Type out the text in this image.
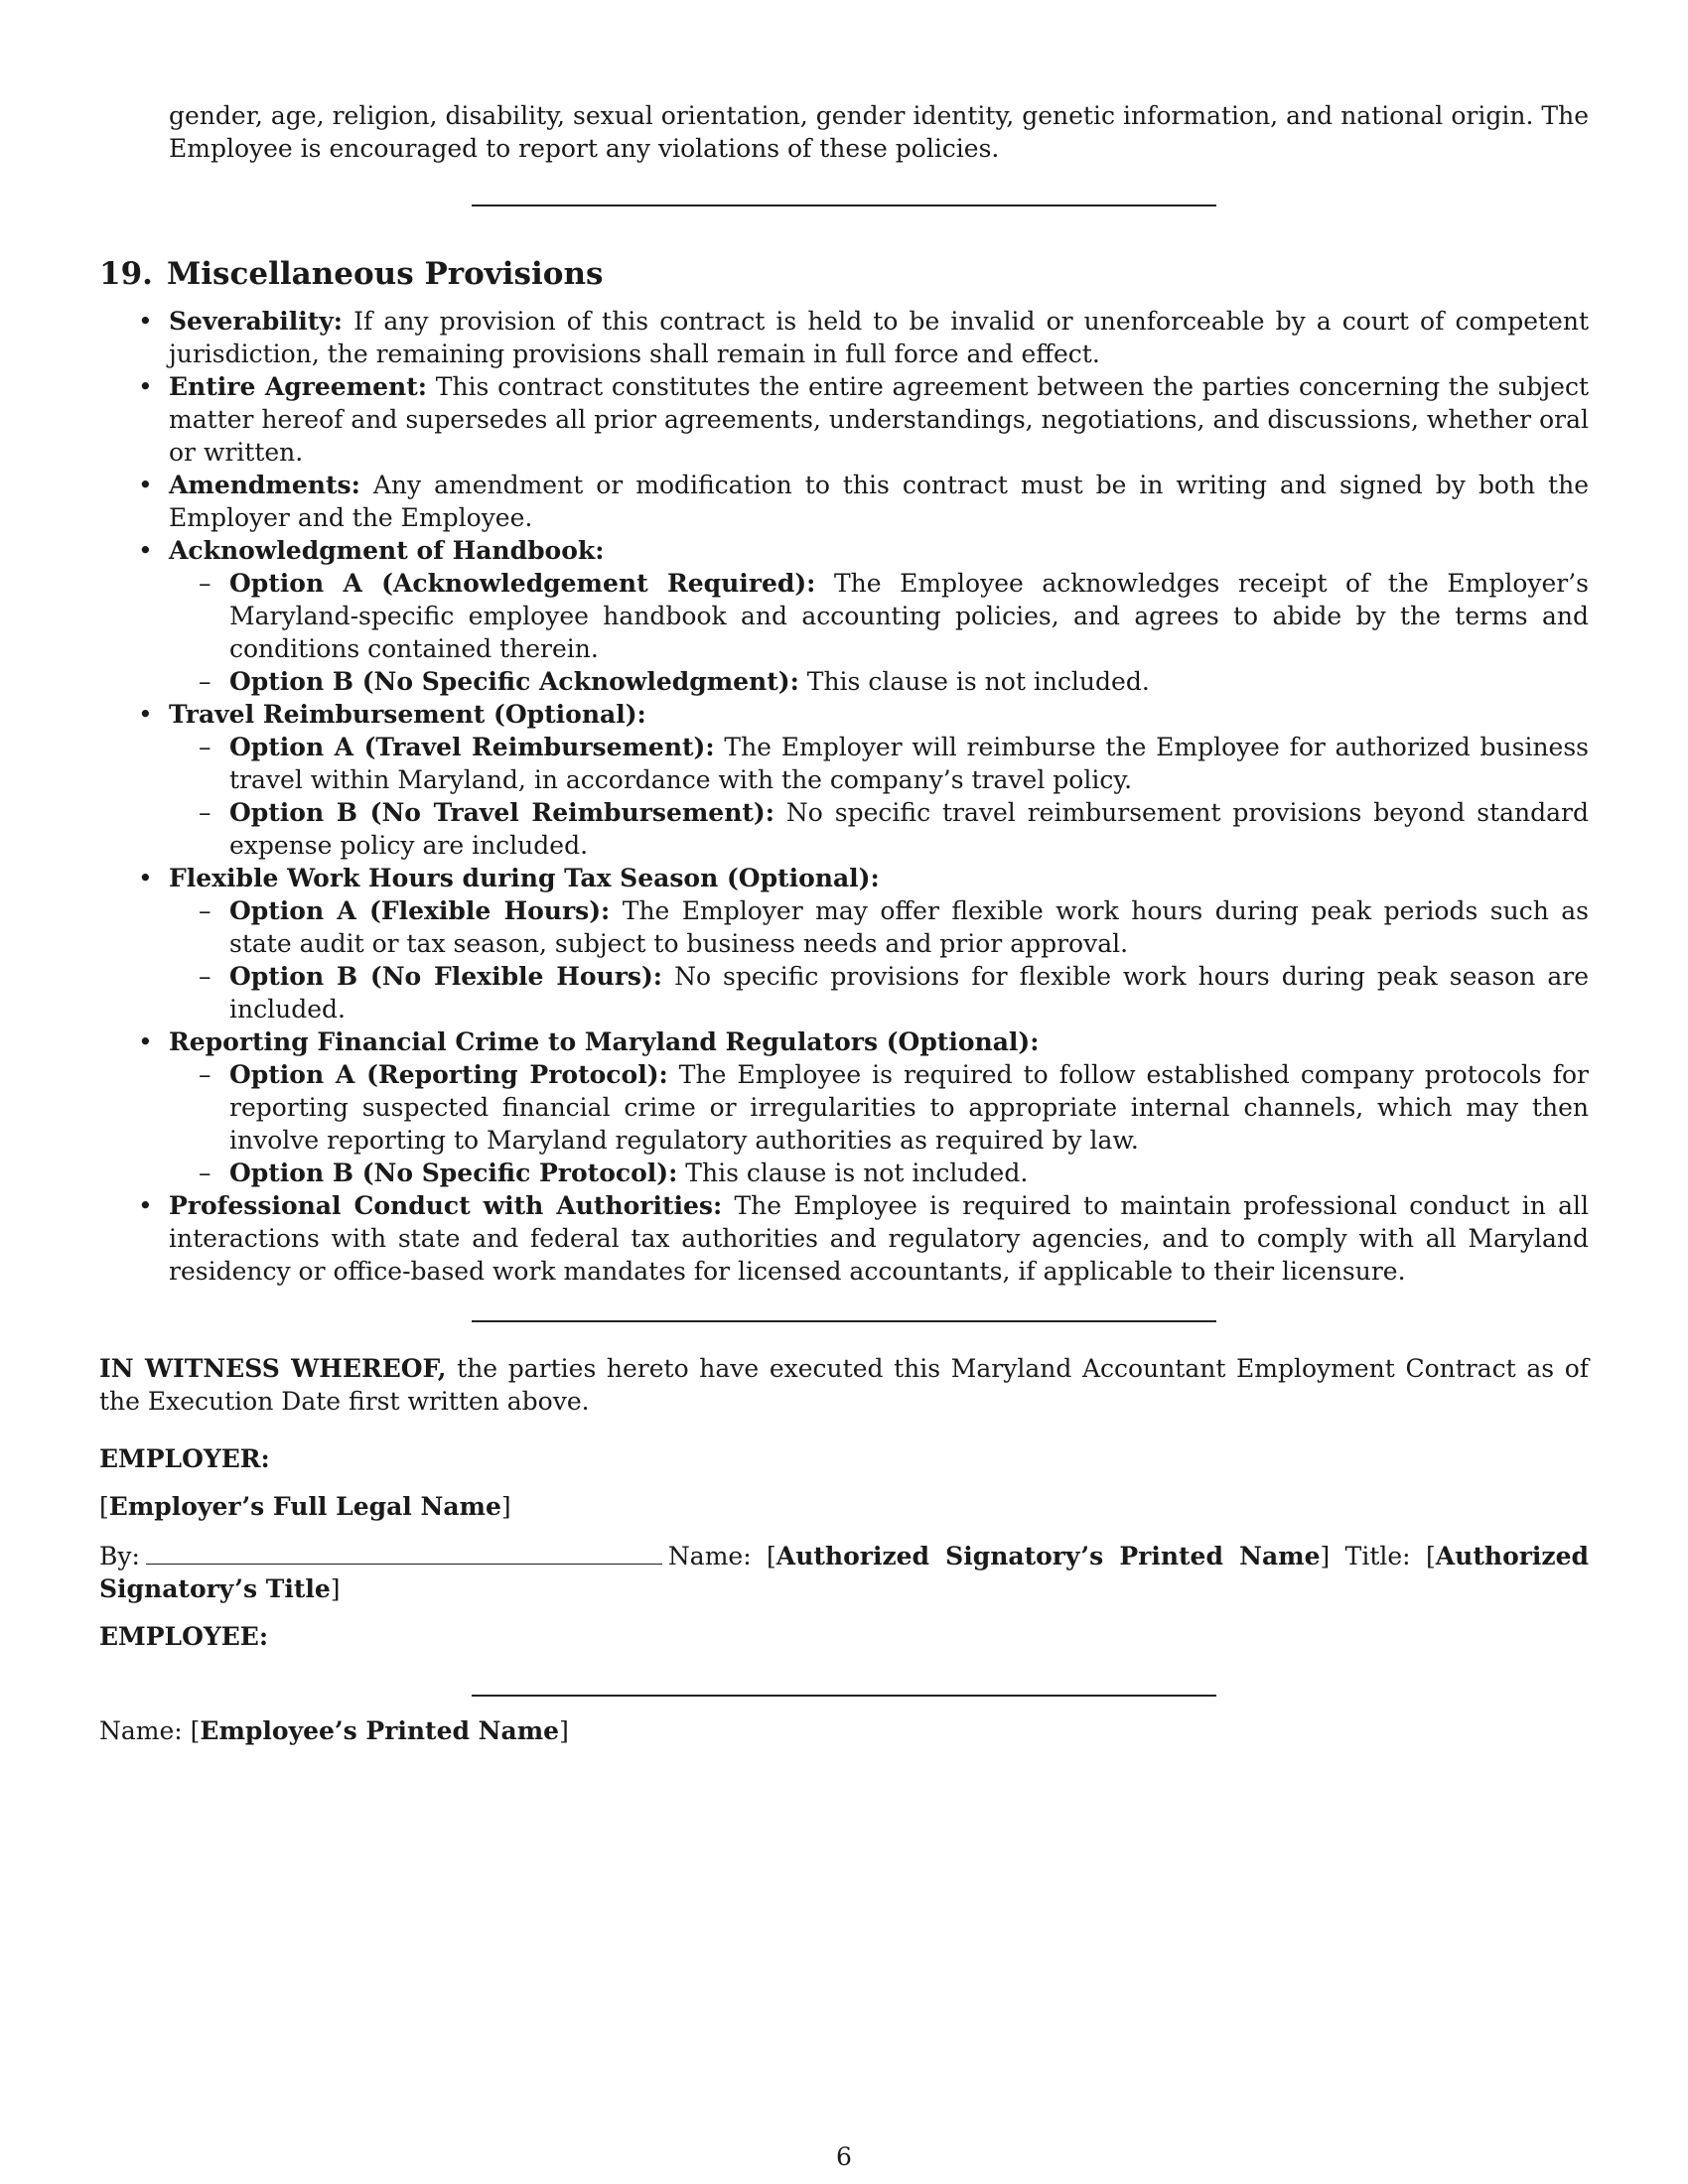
gender, age, religion, disability, sexual orientation, gender identity, genetic information, and national origin. The Employee is encouraged to report any violations of these policies.

19. Miscellaneous Provisions
• Severability: If any provision of this contract is held to be invalid or unenforceable by a court of competent jurisdiction, the remaining provisions shall remain in full force and effect.
• Entire Agreement: This contract constitutes the entire agreement between the parties concerning the subject matter hereof and supersedes all prior agreements, understandings, negotiations, and discussions, whether oral or written.
• Amendments: Any amendment or modification to this contract must be in writing and signed by both the Employer and the Employee.
• Acknowledgment of Handbook:
– Option A (Acknowledgement Required): The Employee acknowledges receipt of the Employer’s Maryland-specific employee handbook and accounting policies, and agrees to abide by the terms and conditions contained therein.
– Option B (No Specific Acknowledgment): This clause is not included.
• Travel Reimbursement (Optional):
– Option A (Travel Reimbursement): The Employer will reimburse the Employee for authorized business travel within Maryland, in accordance with the company’s travel policy.
– Option B (No Travel Reimbursement): No specific travel reimbursement provisions beyond standard expense policy are included.
• Flexible Work Hours during Tax Season (Optional):
– Option A (Flexible Hours): The Employer may offer flexible work hours during peak periods such as state audit or tax season, subject to business needs and prior approval.
– Option B (No Flexible Hours): No specific provisions for flexible work hours during peak season are included.
• Reporting Financial Crime to Maryland Regulators (Optional):
– Option A (Reporting Protocol): The Employee is required to follow established company protocols for reporting suspected financial crime or irregularities to appropriate internal channels, which may then involve reporting to Maryland regulatory authorities as required by law.
– Option B (No Specific Protocol): This clause is not included.
• Professional Conduct with Authorities: The Employee is required to maintain professional conduct in all interactions with state and federal tax authorities and regulatory agencies, and to comply with all Maryland residency or office-based work mandates for licensed accountants, if applicable to their licensure.

IN WITNESS WHEREOF, the parties hereto have executed this Maryland Accountant Employment Contract as of the Execution Date first written above.

EMPLOYER:
[Employer’s Full Legal Name]
By:	Name: [Authorized Signatory’s Printed Name] Title: [Authorized Signatory’s Title]
EMPLOYEE:
Name: [Employee’s Printed Name]
6
